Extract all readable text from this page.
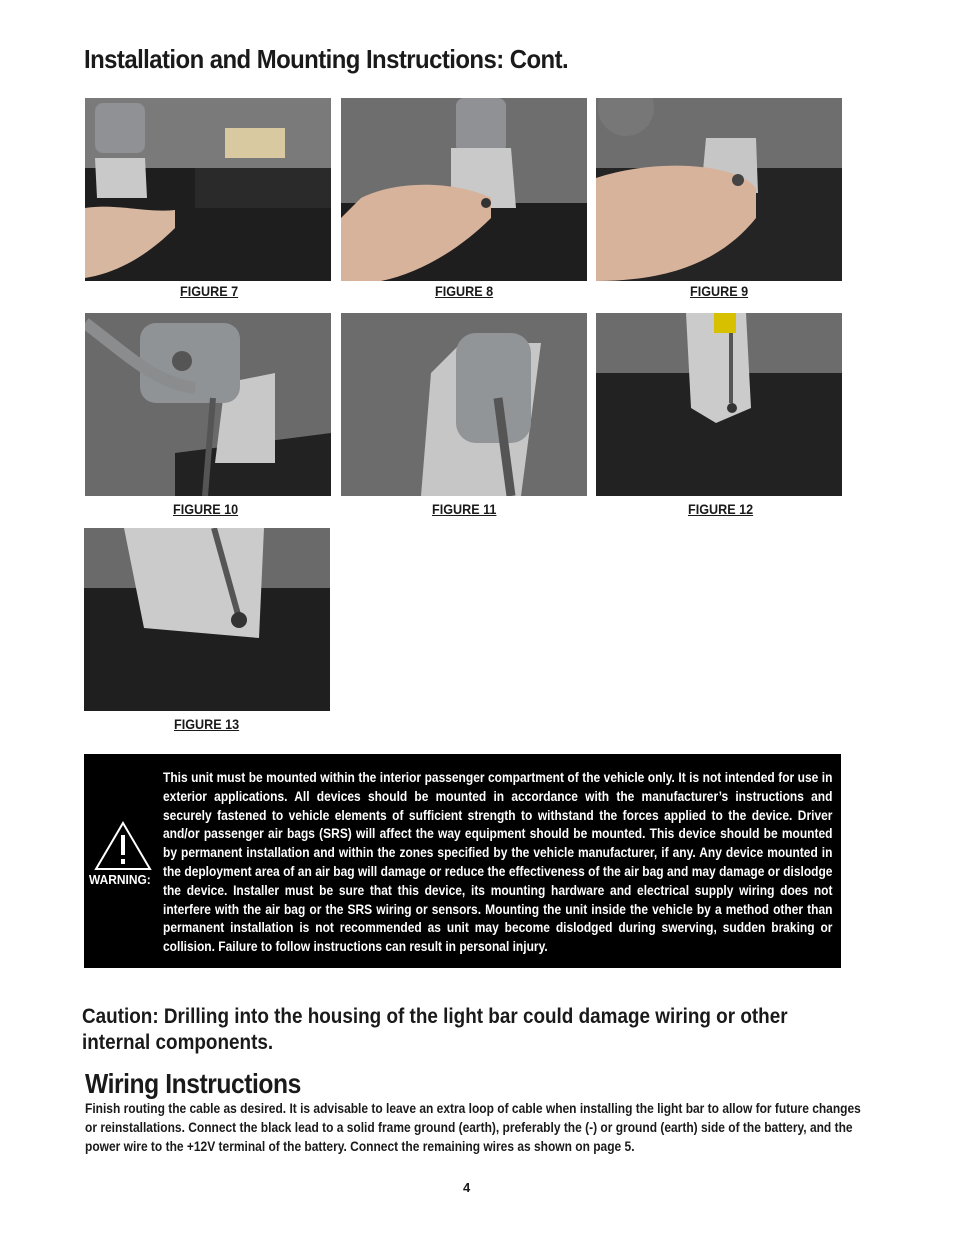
Installation and Mounting Instructions: Cont.
FIGURE 7	FIGURE 8	FIGURE 9
FIGURE 10	FIGURE 11	FIGURE 12
FIGURE 13
WARNING:
This unit must be mounted within the interior passenger compartment of the vehicle only. It is not intended for use in exterior applications. All devices should be mounted in accordance with the manufacturer’s instructions and securely fastened to vehicle elements of sufficient strength to withstand the forces applied to the device. Driver and/or passenger air bags (SRS) will affect the way equipment should be mounted. This device should be mounted by permanent installation and within the zones specified by the vehicle manufacturer, if any. Any device mounted in the deployment area of an air bag will damage or reduce the effectiveness of the air bag and may damage or dislodge the device. Installer must be sure that this device, its mounting hardware and electrical supply wiring does not interfere with the air bag or the SRS wiring or sensors. Mounting the unit inside the vehicle by a method other than permanent installation is not recommended as unit may become dislodged during swerving, sudden braking or collision. Failure to follow instructions can result in personal injury.
Caution: Drilling into the housing of the light bar could damage wiring or other internal components.
Wiring Instructions
Finish routing the cable as desired. It is advisable to leave an extra loop of cable when installing the light bar to allow for future changes or reinstallations. Connect the black lead to a solid frame ground (earth), preferably the (-) or ground (earth) side of the battery, and the power wire to the +12V terminal of the battery. Connect the remaining wires as shown on page 5.
4
